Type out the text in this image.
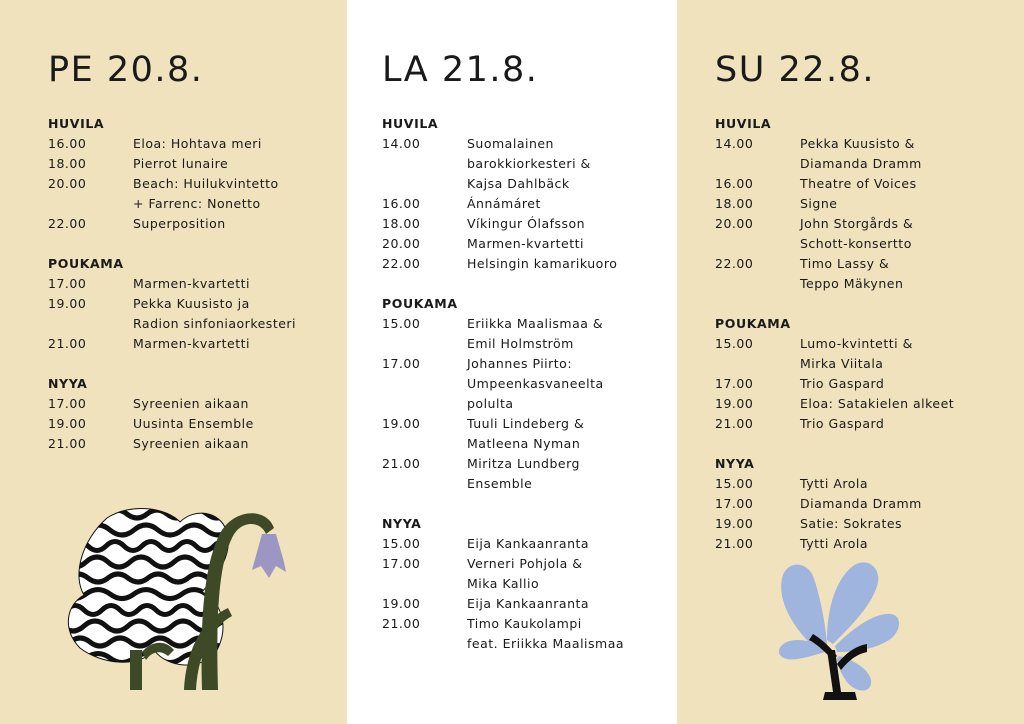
PE 20.8.
HUVILA
16.00	Eloa: Hohtava meri
18.00	Pierrot lunaire
20.00	Beach: Huilukvintetto
+ Farrenc: Nonetto
22.00	Superposition
POUKAMA
17.00	Marmen-kvartetti
19.00	Pekka Kuusisto ja
Radion sinfoniaorkesteri
21.00	Marmen-kvartetti
NYYA
17.00	Syreenien aikaan
19.00	Uusinta Ensemble
21.00	Syreenien aikaan
LA 21.8.
HUVILA
14.00	Suomalainen
barokkiorkesteri &
Kajsa Dahlbäck
16.00	Ánnámáret
18.00	Víkingur Ólafsson
20.00	Marmen-kvartetti
22.00	Helsingin kamarikuoro
POUKAMA
15.00	Eriikka Maalismaa &
Emil Holmström
17.00	Johannes Piirto:
Umpeenkasvaneelta
polulta
19.00	Tuuli Lindeberg &
Matleena Nyman
21.00	Miritza Lundberg
Ensemble
NYYA
15.00	Eija Kankaanranta
17.00	Verneri Pohjola &
Mika Kallio
19.00	Eija Kankaanranta
21.00	Timo Kaukolampi
feat. Eriikka Maalismaa
SU 22.8.
HUVILA
14.00	Pekka Kuusisto &
Diamanda Dramm
16.00	Theatre of Voices
18.00	Signe
20.00	John Storgårds &
Schott-konsertto
22.00	Timo Lassy &
Teppo Mäkynen
POUKAMA
15.00	Lumo-kvintetti &
Mirka Viitala
17.00	Trio Gaspard
19.00	Eloa: Satakielen alkeet
21.00	Trio Gaspard
NYYA
15.00	Tytti Arola
17.00	Diamanda Dramm
19.00	Satie: Sokrates
21.00	Tytti Arola
